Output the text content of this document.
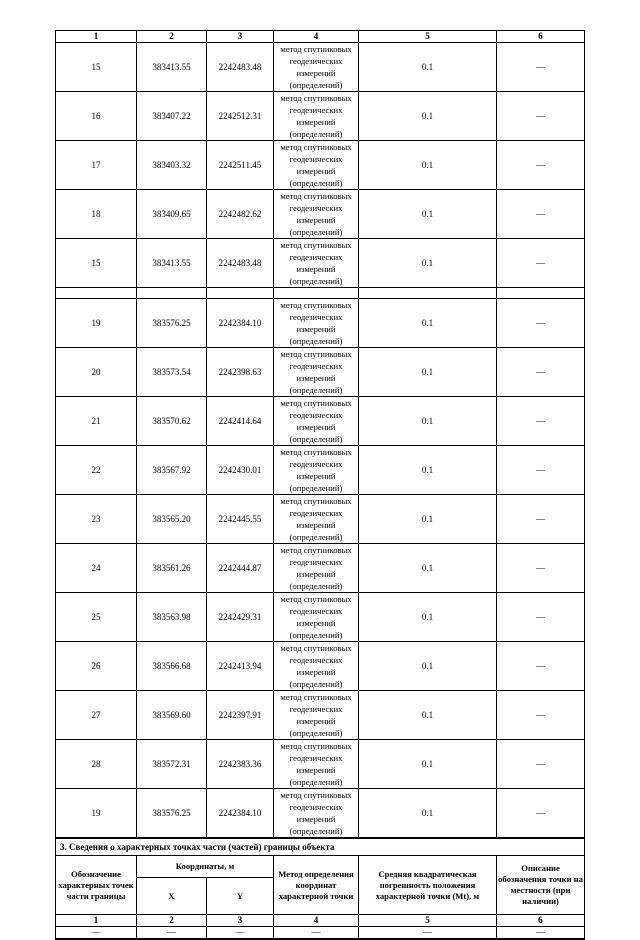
1	2	3	4	5	6
15	383413.55	2242483.48	метод спутниковых геодезических измерений (определений)	0.1	—
16	383407.22	2242512.31	метод спутниковых геодезических измерений (определений)	0.1	—
17	383403.32	2242511.45	метод спутниковых геодезических измерений (определений)	0.1	—
18	383409.65	2242482.62	метод спутниковых геодезических измерений (определений)	0.1	—
15	383413.55	2242483.48	метод спутниковых геодезических измерений (определений)	0.1	—

19	383576.25	2242384.10	метод спутниковых геодезических измерений (определений)	0.1	—
20	383573.54	2242398.63	метод спутниковых геодезических измерений (определений)	0.1	—
21	383570.62	2242414.64	метод спутниковых геодезических измерений (определений)	0.1	—
22	383567.92	2242430.01	метод спутниковых геодезических измерений (определений)	0.1	—
23	383565.20	2242445.55	метод спутниковых геодезических измерений (определений)	0.1	—
24	383561.26	2242444.87	метод спутниковых геодезических измерений (определений)	0.1	—
25	383563.98	2242429.31	метод спутниковых геодезических измерений (определений)	0.1	—
26	383566.68	2242413.94	метод спутниковых геодезических измерений (определений)	0.1	—
27	383569.60	2242397.91	метод спутниковых геодезических измерений (определений)	0.1	—
28	383572.31	2242383.36	метод спутниковых геодезических измерений (определений)	0.1	—
19	383576.25	2242384.10	метод спутниковых геодезических измерений (определений)	0.1	—
3. Сведения о характерных точках части (частей) границы объекта					
Обозначение характерных точек части границы	Координаты, м		Метод определения координат характерной точки	Средняя квадратическая погрешность положения характерной точки (Mt), м	Описание обозначения точки на местности (при наличии)
	X	Y			
1	2	3	4	5	6
—	—	—	—	—	—
